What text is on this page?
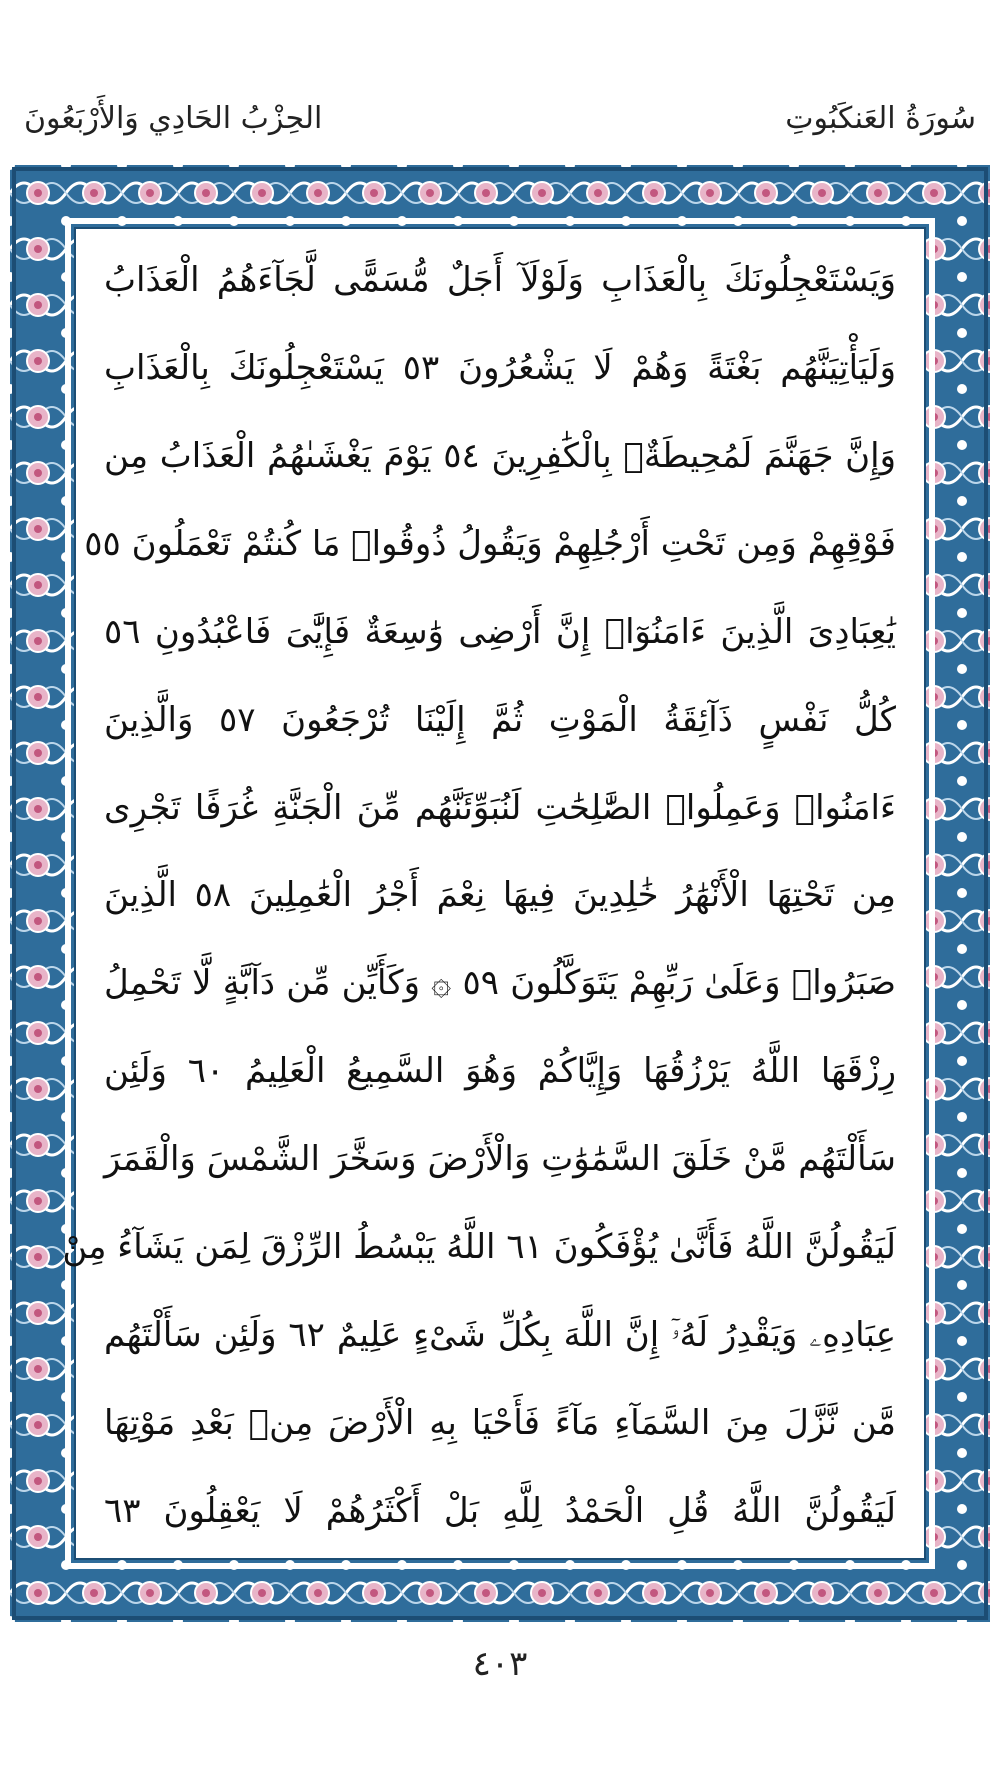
الحِزْبُ الحَادِي وَالأَرْبَعُونَ	سُورَةُ العَنكَبُوتِ
وَيَسْتَعْجِلُونَكَ بِالْعَذَابِ وَلَوْلَآ أَجَلٌ مُّسَمًّى لَّجَآءَهُمُ الْعَذَابُ
وَلَيَأْتِيَنَّهُم بَغْتَةً وَهُمْ لَا يَشْعُرُونَ ٥٣ يَسْتَعْجِلُونَكَ بِالْعَذَابِ
وَإِنَّ جَهَنَّمَ لَمُحِيطَةٌۢ بِالْكَٰفِرِينَ ٥٤ يَوْمَ يَغْشَىٰهُمُ الْعَذَابُ مِن
فَوْقِهِمْ وَمِن تَحْتِ أَرْجُلِهِمْ وَيَقُولُ ذُوقُوا۟ مَا كُنتُمْ تَعْمَلُونَ ٥٥
يَٰعِبَادِىَ الَّذِينَ ءَامَنُوٓا۟ إِنَّ أَرْضِى وَٰسِعَةٌ فَإِيَّٰىَ فَاعْبُدُونِ ٥٦
كُلُّ نَفْسٍ ذَآئِقَةُ الْمَوْتِ ثُمَّ إِلَيْنَا تُرْجَعُونَ ٥٧ وَالَّذِينَ
ءَامَنُوا۟ وَعَمِلُوا۟ الصَّٰلِحَٰتِ لَنُبَوِّئَنَّهُم مِّنَ الْجَنَّةِ غُرَفًا تَجْرِى
مِن تَحْتِهَا الْأَنْهَٰرُ خَٰلِدِينَ فِيهَا نِعْمَ أَجْرُ الْعَٰمِلِينَ ٥٨ الَّذِينَ
صَبَرُوا۟ وَعَلَىٰ رَبِّهِمْ يَتَوَكَّلُونَ ٥٩ ۞ وَكَأَيِّن مِّن دَآبَّةٍ لَّا تَحْمِلُ
رِزْقَهَا اللَّهُ يَرْزُقُهَا وَإِيَّاكُمْ وَهُوَ السَّمِيعُ الْعَلِيمُ ٦٠ وَلَئِن
سَأَلْتَهُم مَّنْ خَلَقَ السَّمَٰوَٰتِ وَالْأَرْضَ وَسَخَّرَ الشَّمْسَ وَالْقَمَرَ
لَيَقُولُنَّ اللَّهُ فَأَنَّىٰ يُؤْفَكُونَ ٦١ اللَّهُ يَبْسُطُ الرِّزْقَ لِمَن يَشَآءُ مِنْ
عِبَادِهِۦ وَيَقْدِرُ لَهُۥٓ إِنَّ اللَّهَ بِكُلِّ شَىْءٍ عَلِيمٌ ٦٢ وَلَئِن سَأَلْتَهُم
مَّن نَّزَّلَ مِنَ السَّمَآءِ مَآءً فَأَحْيَا بِهِ الْأَرْضَ مِنۢ بَعْدِ مَوْتِهَا
لَيَقُولُنَّ اللَّهُ قُلِ الْحَمْدُ لِلَّهِ بَلْ أَكْثَرُهُمْ لَا يَعْقِلُونَ ٦٣
٤٠٣
